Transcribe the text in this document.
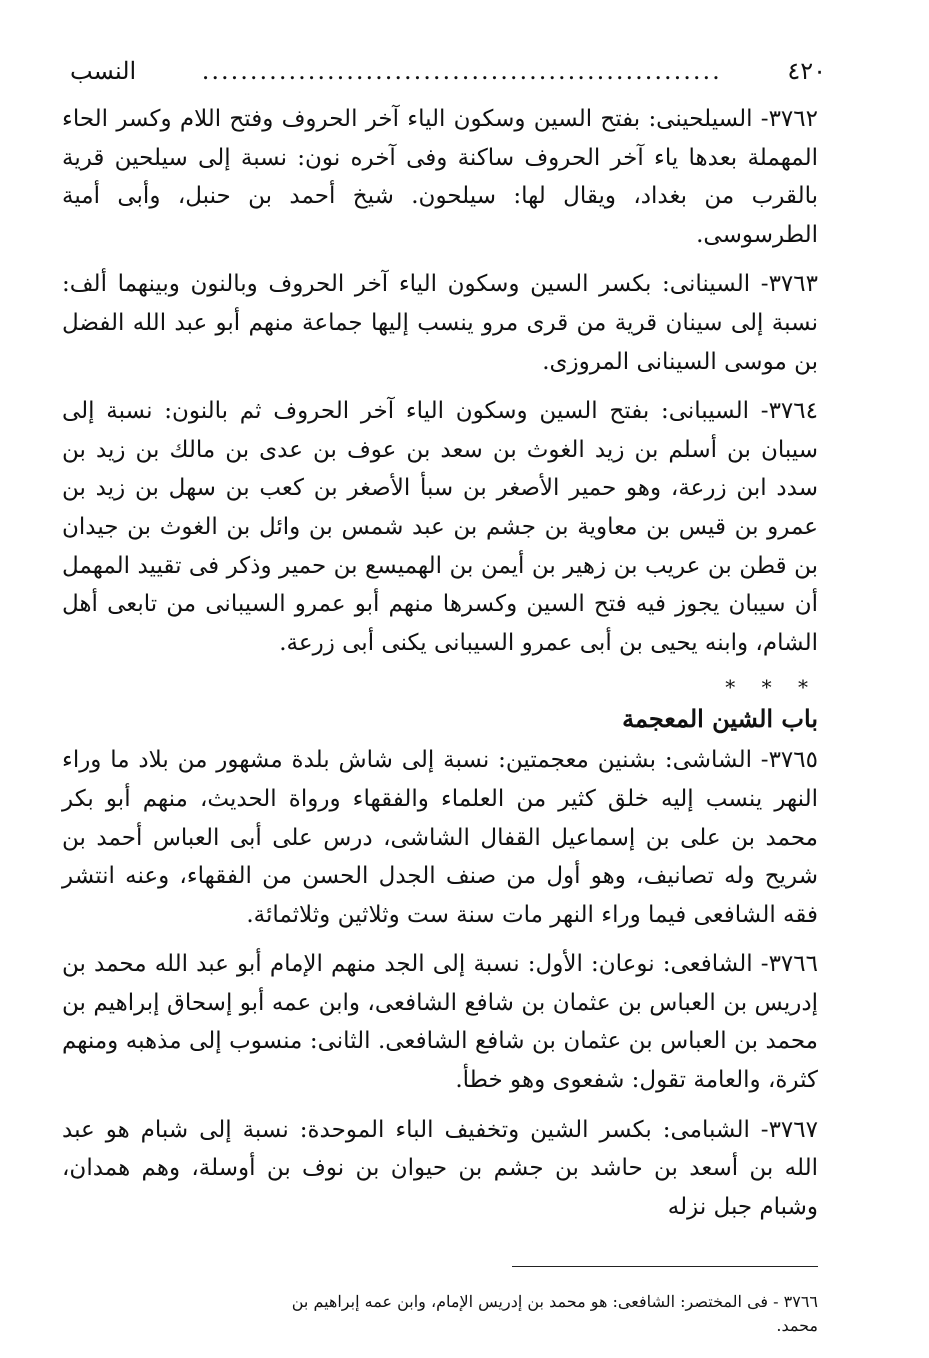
٤٢٠
......................................................
النسب

٣٧٦٢- السيلحينى: بفتح السين وسكون الياء آخر الحروف وفتح اللام وكسر الحاء المهملة بعدها ياء آخر الحروف ساكنة وفى آخره نون: نسبة إلى سيلحين قرية بالقرب من بغداد، ويقال لها: سيلحون. شيخ أحمد بن حنبل، وأبى أمية الطرسوسى.

٣٧٦٣- السينانى: بكسر السين وسكون الياء آخر الحروف وبالنون وبينهما ألف: نسبة إلى سينان قرية من قرى مرو ينسب إليها جماعة منهم أبو عبد الله الفضل بن موسى السينانى المروزى.

٣٧٦٤- السيبانى: بفتح السين وسكون الياء آخر الحروف ثم بالنون: نسبة إلى سيبان بن أسلم بن زيد الغوث بن سعد بن عوف بن عدى بن مالك بن زيد بن سدد ابن زرعة، وهو حمير الأصغر بن سبأ الأصغر بن كعب بن سهل بن زيد بن عمرو بن قيس بن معاوية بن جشم بن عبد شمس بن وائل بن الغوث بن جيدان بن قطن بن عريب بن زهير بن أيمن بن الهميسع بن حمير وذكر فى تقييد المهمل أن سيبان يجوز فيه فتح السين وكسرها منهم أبو عمرو السيبانى من تابعى أهل الشام، وابنه يحيى بن أبى عمرو السيبانى يكنى أبى زرعة.

* * *
باب الشين المعجمة

٣٧٦٥- الشاشى: بشنين معجمتين: نسبة إلى شاش بلدة مشهور من بلاد ما وراء النهر ينسب إليه خلق كثير من العلماء والفقهاء ورواة الحديث، منهم أبو بكر محمد بن على بن إسماعيل القفال الشاشى، درس على أبى العباس أحمد بن شريح وله تصانيف، وهو أول من صنف الجدل الحسن من الفقهاء، وعنه انتشر فقه الشافعى فيما وراء النهر مات سنة ست وثلاثين وثلاثمائة.

٣٧٦٦- الشافعى: نوعان: الأول: نسبة إلى الجد منهم الإمام أبو عبد الله محمد بن إدريس بن العباس بن عثمان بن شافع الشافعى، وابن عمه أبو إسحاق إبراهيم بن محمد بن العباس بن عثمان بن شافع الشافعى. الثانى: منسوب إلى مذهبه ومنهم كثرة، والعامة تقول: شفعوى وهو خطأ.

٣٧٦٧- الشبامى: بكسر الشين وتخفيف الباء الموحدة: نسبة إلى شبام هو عبد الله بن أسعد بن حاشد بن جشم بن حيوان بن نوف بن أوسلة، وهم همدان، وشبام جبل نزله

٣٧٦٦ - فى المختصر: الشافعى: هو محمد بن إدريس الإمام، وابن عمه إبراهيم بن محمد.
